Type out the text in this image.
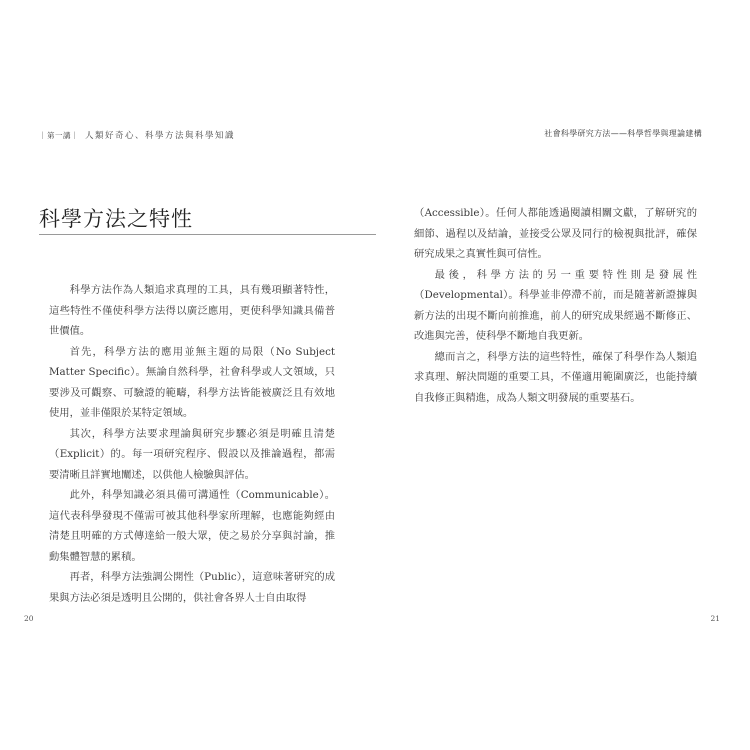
｜第一講｜ 人類好奇心、科學方法與科學知識
科學方法之特性

科學方法作為人類追求真理的工具，具有幾項顯著特性，這些特性不僅使科學方法得以廣泛應用，更使科學知識具備普世價值。

首先，科學方法的應用並無主題的局限（No Subject Matter Specific）。無論自然科學，社會科學或人文領域，只要涉及可觀察、可驗證的範疇，科學方法皆能被廣泛且有效地使用，並非僅限於某特定領域。

其次，科學方法要求理論與研究步驟必須是明確且清楚（Explicit）的。每一項研究程序、假設以及推論過程，都需要清晰且詳實地闡述，以供他人檢驗與評估。

此外，科學知識必須具備可溝通性（Communicable）。這代表科學發現不僅需可被其他科學家所理解，也應能夠經由清楚且明確的方式傳達給一般大眾，使之易於分享與討論，推動集體智慧的累積。

再者，科學方法強調公開性（Public），這意味著研究的成果與方法必須是透明且公開的，供社會各界人士自由取得

20
社會科學研究方法——科學哲學與理論建構

（Accessible）。任何人都能透過閱讀相關文獻，了解研究的細節、過程以及結論，並接受公眾及同行的檢視與批評，確保研究成果之真實性與可信性。

最後，科學方法的另一重要特性則是發展性（Developmental）。科學並非停滯不前，而是隨著新證據與新方法的出現不斷向前推進，前人的研究成果經過不斷修正、改進與完善，使科學不斷地自我更新。

總而言之，科學方法的這些特性，確保了科學作為人類追求真理、解決問題的重要工具，不僅適用範圍廣泛，也能持續自我修正與精進，成為人類文明發展的重要基石。

21
